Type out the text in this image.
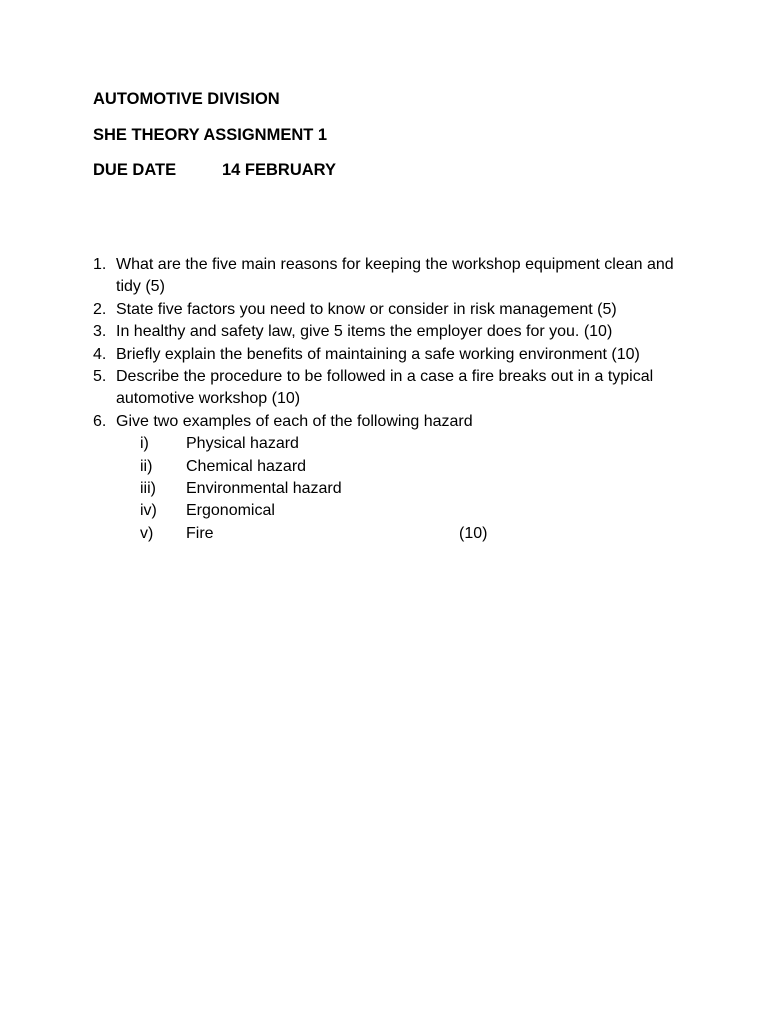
AUTOMOTIVE DIVISION
SHE THEORY ASSIGNMENT 1
DUE DATE	14 FEBRUARY
1. What are the five main reasons for keeping the workshop equipment clean and tidy (5)
2. State five factors you need to know or consider in risk management (5)
3. In healthy and safety law, give 5 items the employer does for you. (10)
4. Briefly explain the benefits of maintaining a safe working environment (10)
5. Describe the procedure to be followed in a case a fire breaks out in a typical automotive workshop (10)
6. Give two examples of each of the following hazard
i) Physical hazard
ii) Chemical hazard
iii) Environmental hazard
iv) Ergonomical
v) Fire	(10)
